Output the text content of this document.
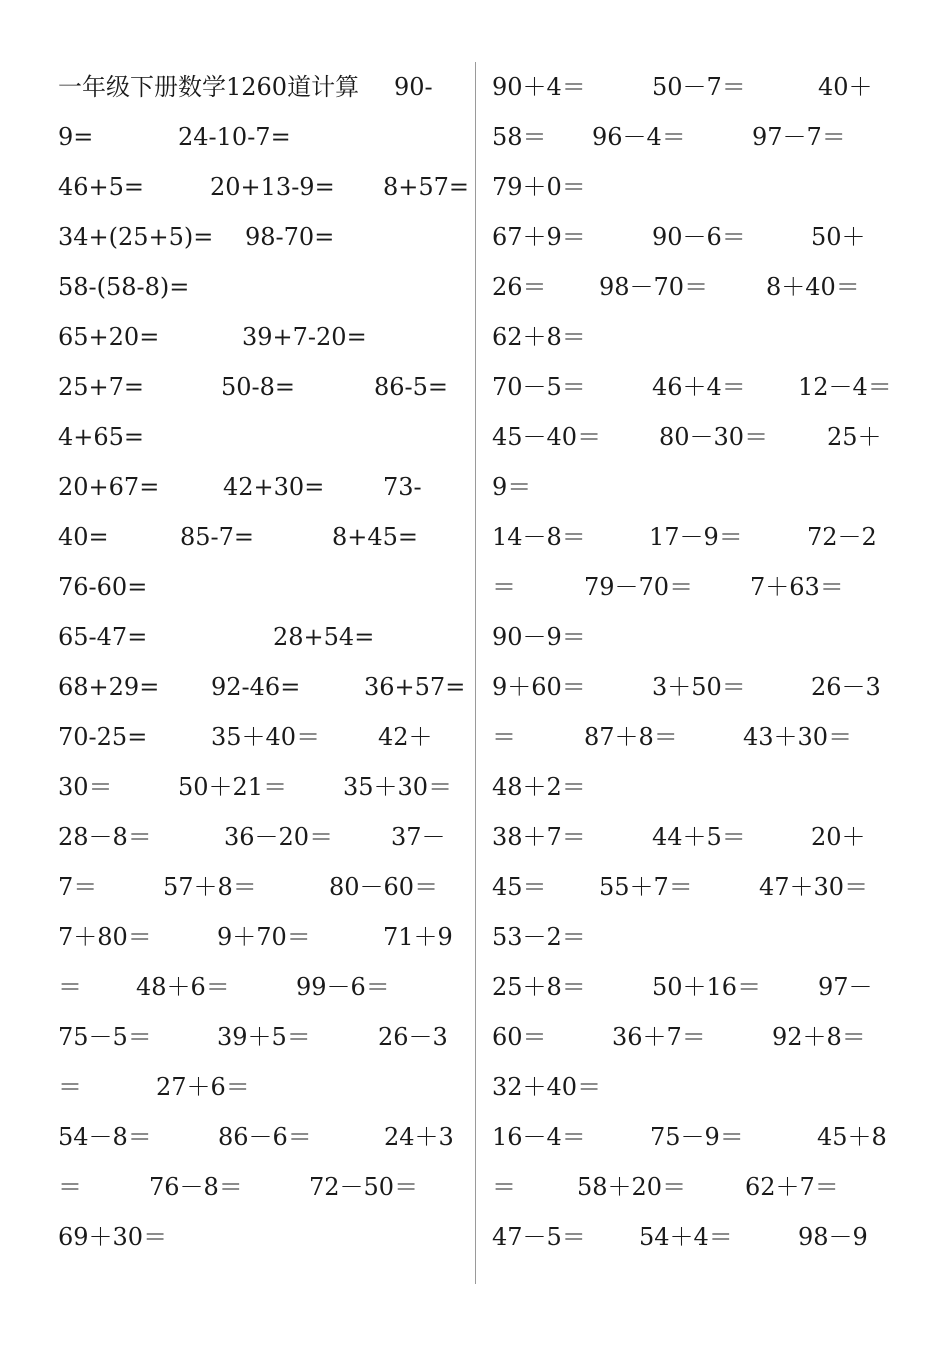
一年级下册数学1260道计算 90-
9=	24-10-7=
46+5=	20+13-9= 8+57=
34+(25+5)= 98-70=
58-(58-8)=
65+20=	39+7-20=
25+7=	50-8=	86-5=
4+65=
20+67=	42+30= 73-
40=	85-7=	8+45=
76-60=
65-47=	28+54=
68+29= 92-46=	36+57=
70-25=	35＋40＝ 42＋
30＝	50＋21＝ 35＋30＝
28－8＝	36－20＝ 37－
7＝	57＋8＝	80－60＝
7＋80＝	9＋70＝	71＋9
＝ 48＋6＝	99－6＝
75－5＝	39＋5＝	26－3
＝	27＋6＝
54－8＝	86－6＝	24＋3
＝	76－8＝	72－50＝
69＋30＝
90＋4＝	50－7＝	40＋
58＝ 96－4＝	97－7＝
79＋0＝
67＋9＝	90－6＝	50＋
26＝ 98－70＝ 8＋40＝
62＋8＝
70－5＝	46＋4＝ 12－4＝
45－40＝ 80－30＝ 25＋
9＝
14－8＝	17－9＝	72－2
＝	79－70＝ 7＋63＝
90－9＝
9＋60＝	3＋50＝	26－3
＝	87＋8＝	43＋30＝
48＋2＝
38＋7＝	44＋5＝	20＋
45＝ 55＋7＝	47＋30＝
53－2＝
25＋8＝	50＋16＝ 97－
60＝	36＋7＝	92＋8＝
32＋40＝
16－4＝	75－9＝	45＋8
＝	58＋20＝ 62＋7＝
47－5＝ 54＋4＝	98－9
